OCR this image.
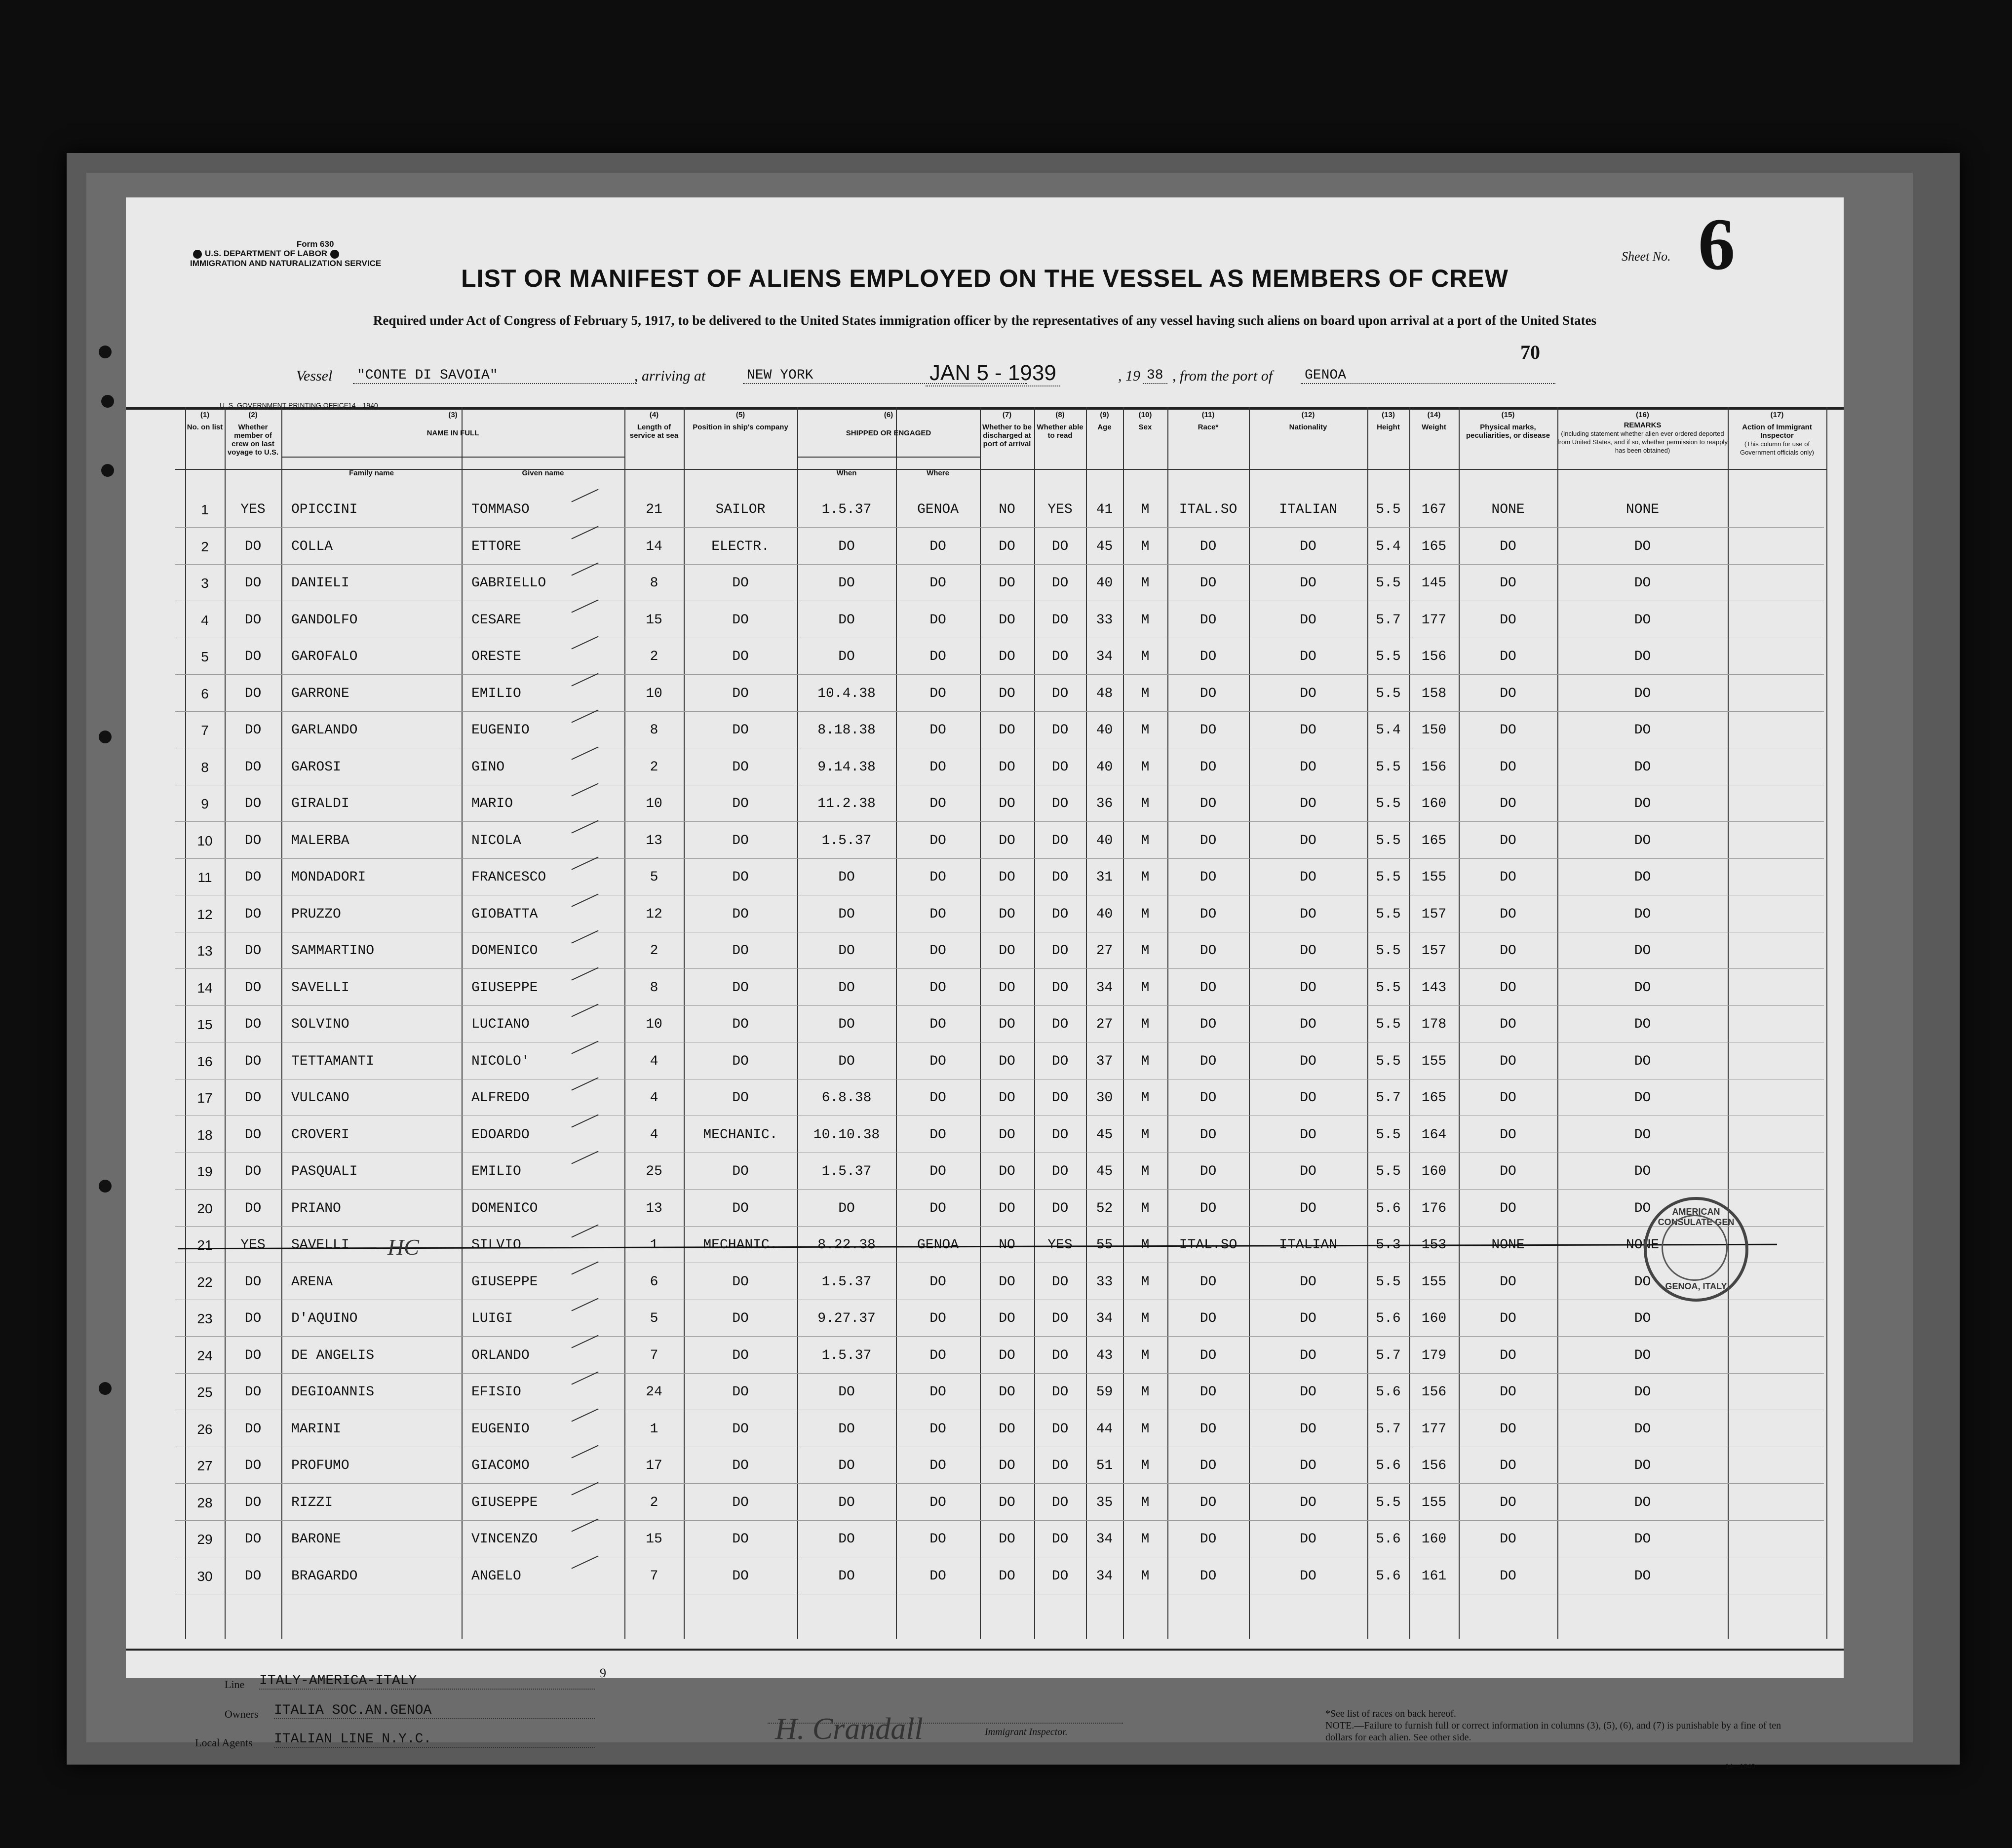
Form 630
U.S. DEPARTMENT OF LABOR
IMMIGRATION AND NATURALIZATION SERVICE	Sheet No. 6
LIST OR MANIFEST OF ALIENS EMPLOYED ON THE VESSEL AS MEMBERS OF CREW
Required under Act of Congress of February 5, 1917, to be delivered to the United States immigration officer by the representatives of any vessel having such aliens on board upon arrival at a port of the United States
70
Vessel "CONTE DI SAVOIA"	, arriving at	NEW YORK	JAN 5 - 1939	, 19 38 , from the port of GENOA
U. S. GOVERNMENT PRINTING OFFICE
14—1940
(1)
No. on list
(2)
Whether member of crew on last voyage to U.S.
(3)
NAME IN FULL
Family name	Given name
(4)
Length of service at sea
(5)
Position in ship's company
(6)
SHIPPED OR ENGAGED
When	Where
(7)
Whether to be discharged at port of arrival
(8)
Whether able to read
(9)
Age
(10)
Sex
(11)
Race*
(12)
Nationality
(13)
Height
(14)
Weight
(15)
Physical marks, peculiarities, or disease
(16)
REMARKS
(Including statement whether alien ever ordered deported from United States, and if so, whether permission to reapply has been obtained)
(17)
Action of Immigrant Inspector
(This column for use of Government officials only)
1	YES	OPICCINI	TOMMASO	21	SAILOR	1.5.37	GENOA	NO	YES	41	M	ITAL.SO	ITALIAN	5.5	167	NONE	NONE
2	DO	COLLA	ETTORE	14	ELECTR.	DO	DO	DO	DO	45	M	DO	DO	5.4	165	DO	DO
3	DO	DANIELI	GABRIELLO	8	DO	DO	DO	DO	DO	40	M	DO	DO	5.5	145	DO	DO
4	DO	GANDOLFO	CESARE	15	DO	DO	DO	DO	DO	33	M	DO	DO	5.7	177	DO	DO
5	DO	GAROFALO	ORESTE	2	DO	DO	DO	DO	DO	34	M	DO	DO	5.5	156	DO	DO
6	DO	GARRONE	EMILIO	10	DO	10.4.38	DO	DO	DO	48	M	DO	DO	5.5	158	DO	DO
7	DO	GARLANDO	EUGENIO	8	DO	8.18.38	DO	DO	DO	40	M	DO	DO	5.4	150	DO	DO
8	DO	GAROSI	GINO	2	DO	9.14.38	DO	DO	DO	40	M	DO	DO	5.5	156	DO	DO
9	DO	GIRALDI	MARIO	10	DO	11.2.38	DO	DO	DO	36	M	DO	DO	5.5	160	DO	DO
10	DO	MALERBA	NICOLA	13	DO	1.5.37	DO	DO	DO	40	M	DO	DO	5.5	165	DO	DO
11	DO	MONDADORI	FRANCESCO	5	DO	DO	DO	DO	DO	31	M	DO	DO	5.5	155	DO	DO
12	DO	PRUZZO	GIOBATTA	12	DO	DO	DO	DO	DO	40	M	DO	DO	5.5	157	DO	DO
13	DO	SAMMARTINO	DOMENICO	2	DO	DO	DO	DO	DO	27	M	DO	DO	5.5	157	DO	DO
14	DO	SAVELLI	GIUSEPPE	8	DO	DO	DO	DO	DO	34	M	DO	DO	5.5	143	DO	DO
15	DO	SOLVINO	LUCIANO	10	DO	DO	DO	DO	DO	27	M	DO	DO	5.5	178	DO	DO
16	DO	TETTAMANTI	NICOLO'	4	DO	DO	DO	DO	DO	37	M	DO	DO	5.5	155	DO	DO
17	DO	VULCANO	ALFREDO	4	DO	6.8.38	DO	DO	DO	30	M	DO	DO	5.7	165	DO	DO
18	DO	CROVERI	EDOARDO	4	MECHANIC.	10.10.38	DO	DO	DO	45	M	DO	DO	5.5	164	DO	DO
19	DO	PASQUALI	EMILIO	25	DO	1.5.37	DO	DO	DO	45	M	DO	DO	5.5	160	DO	DO
20	DO	PRIANO	DOMENICO	13	DO	DO	DO	DO	DO	52	M	DO	DO	5.6	176	DO	DO
21	YES	SAVELLI	SILVIO	1	MECHANIC.	8.22.38	GENOA	NO	YES	55	M	ITAL.SO	ITALIAN	5.3	153	NONE	NONE
22	DO	ARENA	GIUSEPPE	6	DO	1.5.37	DO	DO	DO	33	M	DO	DO	5.5	155	DO	DO
23	DO	D'AQUINO	LUIGI	5	DO	9.27.37	DO	DO	DO	34	M	DO	DO	5.6	160	DO	DO
24	DO	DE ANGELIS	ORLANDO	7	DO	1.5.37	DO	DO	DO	43	M	DO	DO	5.7	179	DO	DO
25	DO	DEGIOANNIS	EFISIO	24	DO	DO	DO	DO	DO	59	M	DO	DO	5.6	156	DO	DO
26	DO	MARINI	EUGENIO	1	DO	DO	DO	DO	DO	44	M	DO	DO	5.7	177	DO	DO
27	DO	PROFUMO	GIACOMO	17	DO	DO	DO	DO	DO	51	M	DO	DO	5.6	156	DO	DO
28	DO	RIZZI	GIUSEPPE	2	DO	DO	DO	DO	DO	35	M	DO	DO	5.5	155	DO	DO
29	DO	BARONE	VINCENZO	15	DO	DO	DO	DO	DO	34	M	DO	DO	5.6	160	DO	DO
30	DO	BRAGARDO	ANGELO	7	DO	DO	DO	DO	DO	34	M	DO	DO	5.6	161	DO	DO
HC
AMERICAN CONSULATE GEN
GENOA, ITALY
Line ITALY-AMERICA-ITALY
9
Owners ITALIA SOC.AN.GENOA
Local Agents ITALIAN LINE N.Y.C.	H. Crandall	Immigrant Inspector.
*See list of races on back hereof.
NOTE.—Failure to furnish full or correct information in columns (3), (5), (6), and (7) is punishable by a fine of ten dollars for each alien. See other side.
14—1940
